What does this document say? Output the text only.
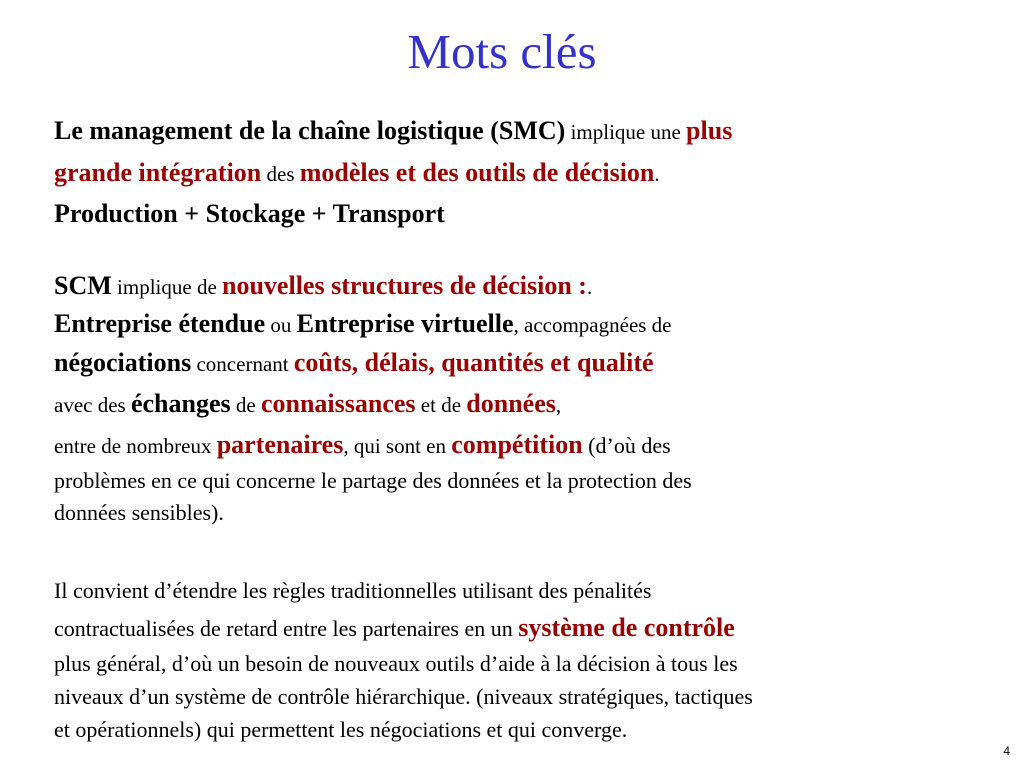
Mots clés
Le management de la chaîne logistique (SMC) implique une plus
grande intégration des modèles et des outils de décision.
Production + Stockage + Transport
SCM implique de nouvelles structures de décision :.
Entreprise étendue ou Entreprise virtuelle, accompagnées de
négociations concernant coûts, délais, quantités et qualité
avec des échanges de connaissances et de données,
entre de nombreux partenaires, qui sont en compétition (d’où des
problèmes en ce qui concerne le partage des données et la protection des
données sensibles).
Il convient d’étendre les règles traditionnelles utilisant des pénalités
contractualisées de retard entre les partenaires en un système de contrôle
plus général, d’où un besoin de nouveaux outils d’aide à la décision à tous les
niveaux d’un système de contrôle hiérarchique. (niveaux stratégiques, tactiques
et opérationnels) qui permettent les négociations et qui converge.
4
